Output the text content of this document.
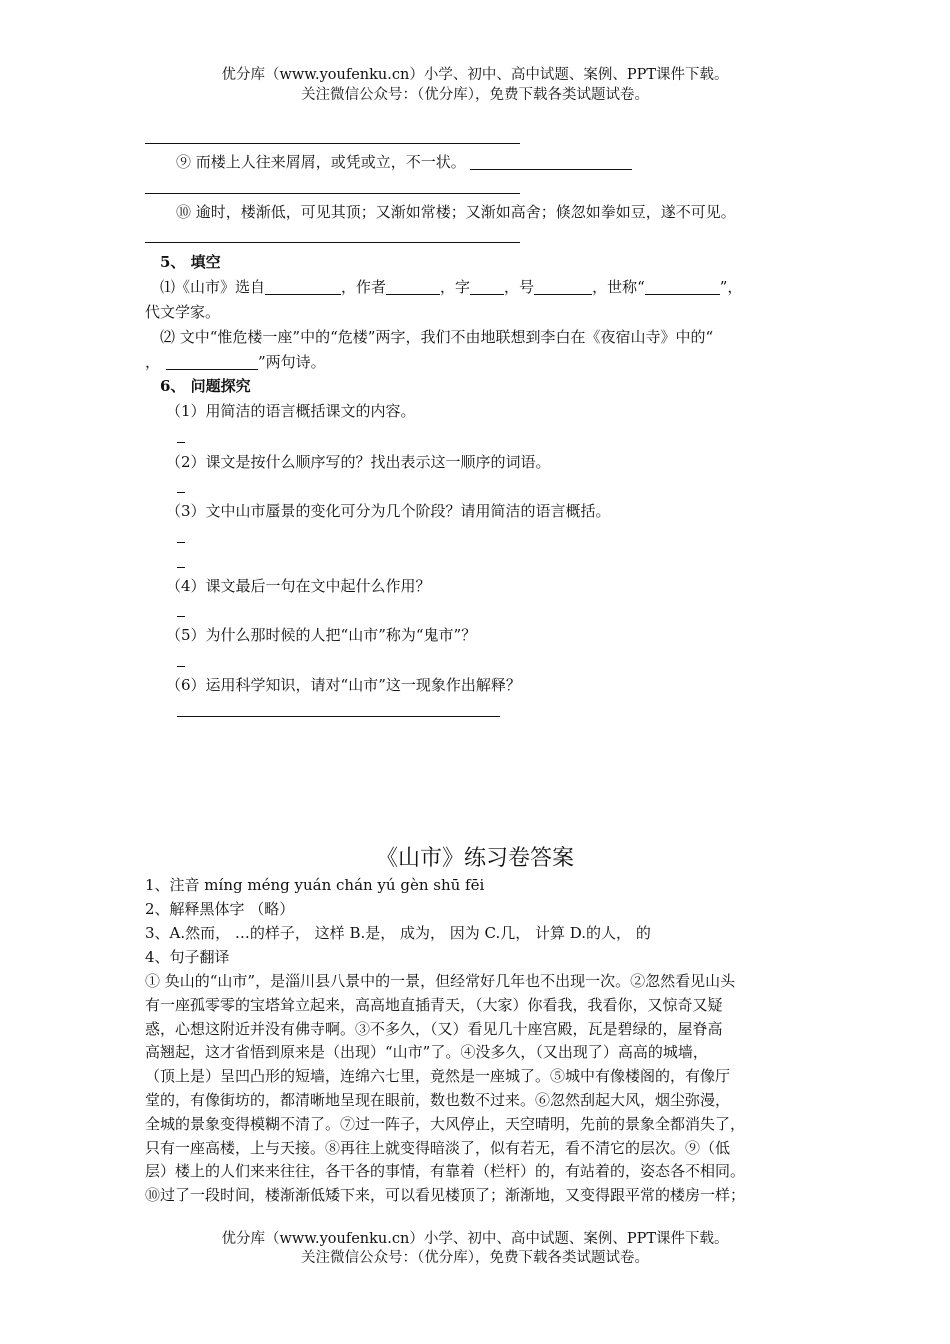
优分库（www.youfenku.cn）小学、初中、高中试题、案例、PPT课件下载。
关注微信公众号：（优分库），免费下载各类试题试卷。
⑨ 而楼上人往来屑屑，或凭或立，不一状。
⑩ 逾时，楼渐低，可见其顶；又渐如常楼；又渐如高舍；倏忽如拳如豆，遂不可见。
5、 填空
⑴《山市》选自	，作者	，字 ，号	，世称“	”，
代文学家。
⑵ 文中“惟危楼一座”中的“危楼”两字，我们不由地联想到李白在《夜宿山寺》中的“
，	”两句诗。
6、 问题探究
（1）用简洁的语言概括课文的内容。
（2）课文是按什么顺序写的？找出表示这一顺序的词语。
（3）文中山市蜃景的变化可分为几个阶段？请用简洁的语言概括。
（4）课文最后一句在文中起什么作用？
（5）为什么那时候的人把“山市”称为“鬼市”？
（6）运用科学知识，请对“山市”这一现象作出解释？
《山市》练习卷答案
1、注音 míng méng yuán chán yú gèn shū fēi
2、解释黑体字 （略）
3、A.然而， …的样子， 这样 B.是， 成为， 因为 C.几， 计算 D.的人， 的
4、句子翻译
① 奂山的“山市”，是淄川县八景中的一景，但经常好几年也不出现一次。②忽然看见山头
有一座孤零零的宝塔耸立起来，高高地直插青天，（大家）你看我，我看你，又惊奇又疑
惑，心想这附近并没有佛寺啊。③不多久，（又）看见几十座宫殿，瓦是碧绿的，屋脊高
高翘起，这才省悟到原来是（出现）“山市”了。④没多久，（又出现了）高高的城墙，
（顶上是）呈凹凸形的短墙，连绵六七里，竟然是一座城了。⑤城中有像楼阁的，有像厅
堂的，有像街坊的，都清晰地呈现在眼前，数也数不过来。⑥忽然刮起大风，烟尘弥漫，
全城的景象变得模糊不清了。⑦过一阵子，大风停止，天空晴明，先前的景象全都消失了，
只有一座高楼，上与天接。⑧再往上就变得暗淡了，似有若无，看不清它的层次。⑨（低
层）楼上的人们来来往往，各干各的事情，有靠着（栏杆）的，有站着的，姿态各不相同。
⑩过了一段时间，楼渐渐低矮下来，可以看见楼顶了；渐渐地，又变得跟平常的楼房一样；
优分库（www.youfenku.cn）小学、初中、高中试题、案例、PPT课件下载。
关注微信公众号：（优分库），免费下载各类试题试卷。
